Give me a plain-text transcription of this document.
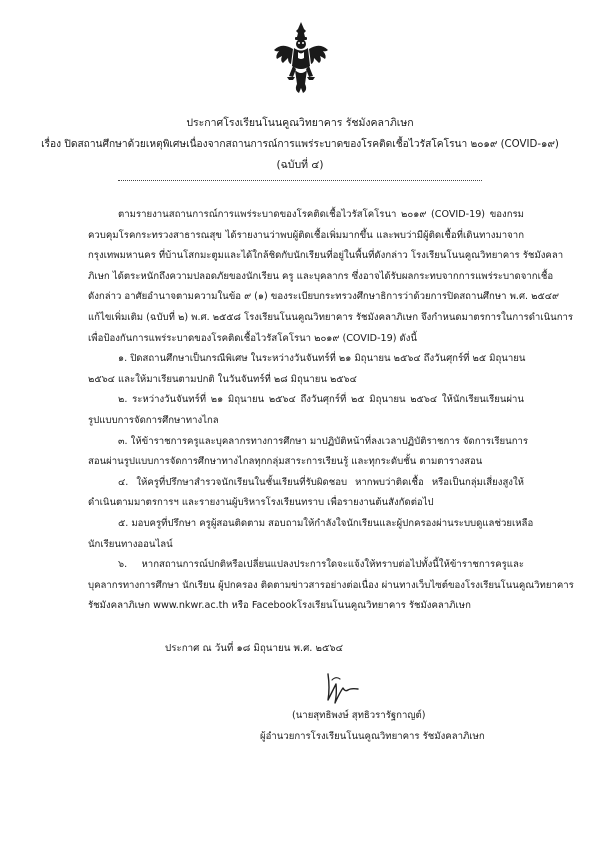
ประกาศโรงเรียนโนนคูณวิทยาคาร รัชมังคลาภิเษก
เรื่อง ปิดสถานศึกษาด้วยเหตุพิเศษเนื่องจากสถานการณ์การแพร่ระบาดของโรคติดเชื้อไวรัสโคโรนา ๒๐๑๙ (COVID-๑๙)
(ฉบับที่ ๔)
ตามรายงานสถานการณ์การแพร่ระบาดของโรคติดเชื้อไวรัสโคโรนา ๒๐๑๙ (COVID-19) ของกรม
ควบคุมโรคกระทรวงสาธารณสุข ได้รายงานว่าพบผู้ติดเชื้อเพิ่มมากขึ้น และพบว่ามีผู้ติดเชื้อที่เดินทางมาจาก
กรุงเทพมหานคร ที่บ้านโสกมะตูมและได้ใกล้ชิดกับนักเรียนที่อยู่ในพื้นที่ดังกล่าว โรงเรียนโนนคูณวิทยาคาร รัชมังคลา
ภิเษก ได้ตระหนักถึงความปลอดภัยของนักเรียน ครู และบุคลากร ซึ่งอาจได้รับผลกระทบจากการแพร่ระบาดจากเชื้อ
ดังกล่าว อาศัยอำนาจตามความในข้อ ๙ (๑) ของระเบียบกระทรวงศึกษาธิการว่าด้วยการปิดสถานศึกษา พ.ศ. ๒๕๔๙
แก้ไขเพิ่มเติม (ฉบับที่ ๒) พ.ศ. ๒๕๕๘ โรงเรียนโนนคูณวิทยาคาร รัชมังคลาภิเษก จึงกำหนดมาตรการในการดำเนินการ
เพื่อป้องกันการแพร่ระบาดของโรคติดเชื้อไวรัสโคโรนา ๒๐๑๙ (COVID-19) ดังนี้
๑. ปิดสถานศึกษาเป็นกรณีพิเศษ ในระหว่างวันจันทร์ที่ ๒๑ มิถุนายน ๒๕๖๔ ถึงวันศุกร์ที่ ๒๕ มิถุนายน
๒๕๖๔ และให้มาเรียนตามปกติ ในวันจันทร์ที่ ๒๘ มิถุนายน ๒๕๖๔
๒. ระหว่างวันจันทร์ที่ ๒๑ มิถุนายน ๒๕๖๔ ถึงวันศุกร์ที่ ๒๕ มิถุนายน ๒๕๖๔ ให้นักเรียนเรียนผ่าน
รูปแบบการจัดการศึกษาทางไกล
๓. ให้ข้าราชการครูและบุคลากรทางการศึกษา มาปฏิบัติหน้าที่ลงเวลาปฏิบัติราชการ จัดการเรียนการ
สอนผ่านรูปแบบการจัดการศึกษาทางไกลทุกกลุ่มสาระการเรียนรู้ และทุกระดับชั้น ตามตารางสอน
๔. ให้ครูที่ปรึกษาสำรวจนักเรียนในชั้นเรียนที่รับผิดชอบ หากพบว่าติดเชื้อ หรือเป็นกลุ่มเสี่ยงสูงให้
ดำเนินตามมาตรการฯ และรายงานผู้บริหารโรงเรียนทราบ เพื่อรายงานต้นสังกัดต่อไป
๕. มอบครูที่ปรึกษา ครูผู้สอนติดตาม สอบถามให้กำลังใจนักเรียนและผู้ปกครองผ่านระบบดูแลช่วยเหลือ
นักเรียนทางออนไลน์
๖. หากสถานการณ์ปกติหรือเปลี่ยนแปลงประการใดจะแจ้งให้ทราบต่อไปทั้งนี้ให้ข้าราชการครูและ
บุคลากรทางการศึกษา นักเรียน ผู้ปกครอง ติดตามข่าวสารอย่างต่อเนื่อง ผ่านทางเว็บไซต์ของโรงเรียนโนนคูณวิทยาคาร
รัชมังคลาภิเษก www.nkwr.ac.th หรือ Facebookโรงเรียนโนนคูณวิทยาคาร รัชมังคลาภิเษก
ประกาศ ณ วันที่ ๑๘ มิถุนายน พ.ศ. ๒๕๖๔
(นายสุทธิพงษ์ สุทธิวรารัฐกาญต์)
ผู้อำนวยการโรงเรียนโนนคูณวิทยาคาร รัชมังคลาภิเษก
